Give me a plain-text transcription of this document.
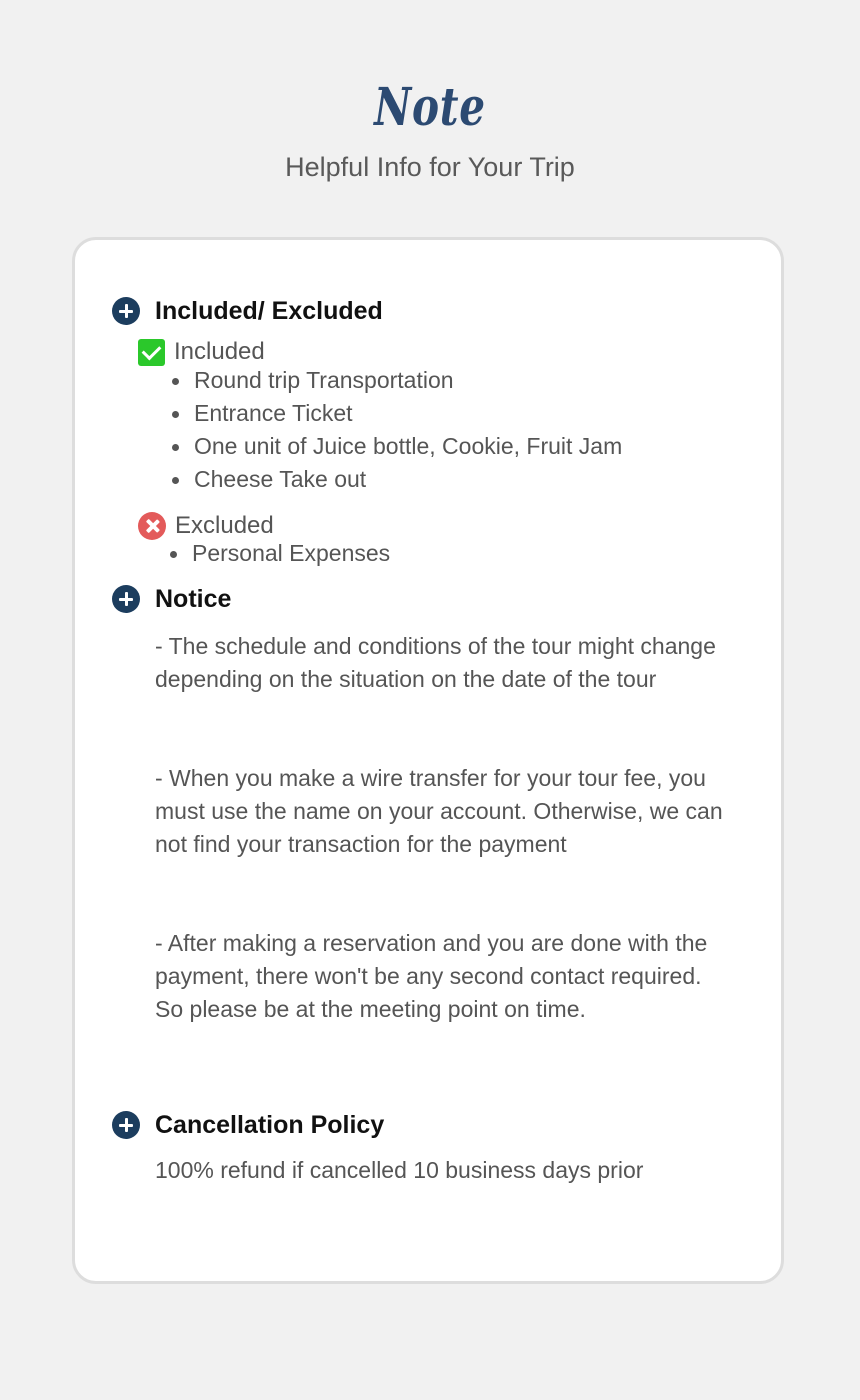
Note
Helpful Info for Your Trip
Included/ Excluded
Included
Round trip Transportation
Entrance Ticket
One unit of Juice bottle, Cookie, Fruit Jam
Cheese Take out
Excluded
Personal Expenses
Notice
- The schedule and conditions of the tour might change depending on the situation on the date of the tour
- When you make a wire transfer for your tour fee, you must use the name on your account. Otherwise, we can not find your transaction for the payment
- After making a reservation and you are done with the payment, there won't be any second contact required. So please be at the meeting point on time.
Cancellation Policy
100% refund if cancelled 10 business days prior
